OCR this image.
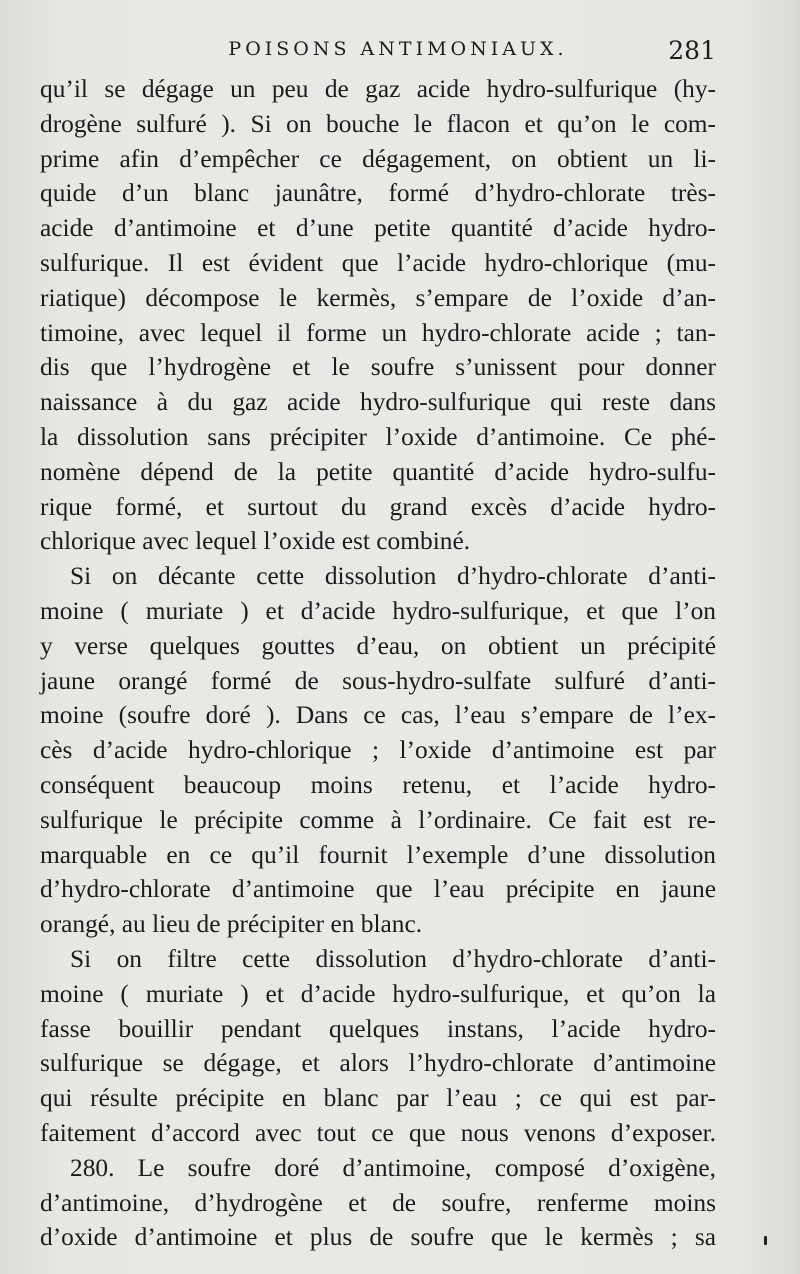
POISONS ANTIMONIAUX.	281
qu’il se dégage un peu de gaz acide hydro-sulfurique (hy-
drogène sulfuré ). Si on bouche le flacon et qu’on le com-
prime afin d’empêcher ce dégagement, on obtient un li-
quide d’un blanc jaunâtre, formé d’hydro-chlorate très-
acide d’antimoine et d’une petite quantité d’acide hydro-
sulfurique. Il est évident que l’acide hydro-chlorique (mu-
riatique) décompose le kermès, s’empare de l’oxide d’an-
timoine, avec lequel il forme un hydro-chlorate acide ; tan-
dis que l’hydrogène et le soufre s’unissent pour donner
naissance à du gaz acide hydro-sulfurique qui reste dans
la dissolution sans précipiter l’oxide d’antimoine. Ce phé-
nomène dépend de la petite quantité d’acide hydro-sulfu-
rique formé, et surtout du grand excès d’acide hydro-
chlorique avec lequel l’oxide est combiné.
Si on décante cette dissolution d’hydro-chlorate d’anti-
moine ( muriate ) et d’acide hydro-sulfurique, et que l’on
y verse quelques gouttes d’eau, on obtient un précipité
jaune orangé formé de sous-hydro-sulfate sulfuré d’anti-
moine (soufre doré ). Dans ce cas, l’eau s’empare de l’ex-
cès d’acide hydro-chlorique ; l’oxide d’antimoine est par
conséquent beaucoup moins retenu, et l’acide hydro-
sulfurique le précipite comme à l’ordinaire. Ce fait est re-
marquable en ce qu’il fournit l’exemple d’une dissolution
d’hydro-chlorate d’antimoine que l’eau précipite en jaune
orangé, au lieu de précipiter en blanc.
Si on filtre cette dissolution d’hydro-chlorate d’anti-
moine ( muriate ) et d’acide hydro-sulfurique, et qu’on la
fasse bouillir pendant quelques instans, l’acide hydro-
sulfurique se dégage, et alors l’hydro-chlorate d’antimoine
qui résulte précipite en blanc par l’eau ; ce qui est par-
faitement d’accord avec tout ce que nous venons d’exposer.
280. Le soufre doré d’antimoine, composé d’oxigène,
d’antimoine, d’hydrogène et de soufre, renferme moins
d’oxide d’antimoine et plus de soufre que le kermès ; sa
